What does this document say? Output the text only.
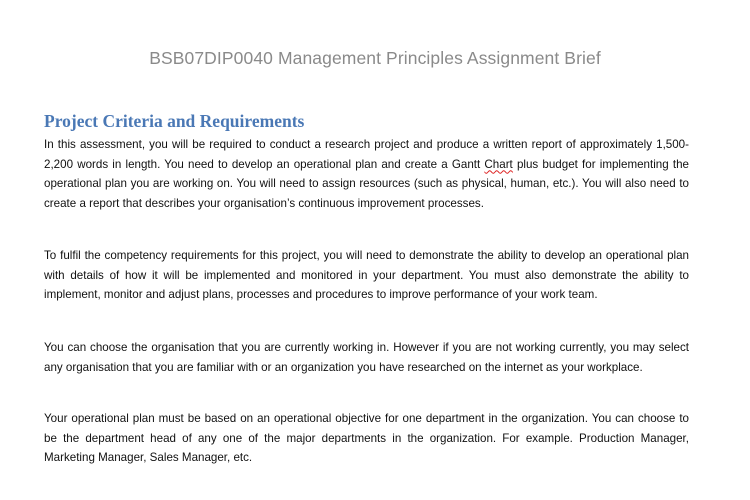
BSB07DIP0040 Management Principles Assignment Brief
Project Criteria and Requirements

In this assessment, you will be required to conduct a research project and produce a written report of approximately 1,500-2,200 words in length. You need to develop an operational plan and create a Gantt Chart plus budget for implementing the operational plan you are working on. You will need to assign resources (such as physical, human, etc.). You will also need to create a report that describes your organisation’s continuous improvement processes.

To fulfil the competency requirements for this project, you will need to demonstrate the ability to develop an operational plan with details of how it will be implemented and monitored in your department. You must also demonstrate the ability to implement, monitor and adjust plans, processes and procedures to improve performance of your work team.

You can choose the organisation that you are currently working in. However if you are not working currently, you may select any organisation that you are familiar with or an organization you have researched on the internet as your workplace.

Your operational plan must be based on an operational objective for one department in the organization. You can choose to be the department head of any one of the major departments in the organization. For example. Production Manager, Marketing Manager, Sales Manager, etc.
